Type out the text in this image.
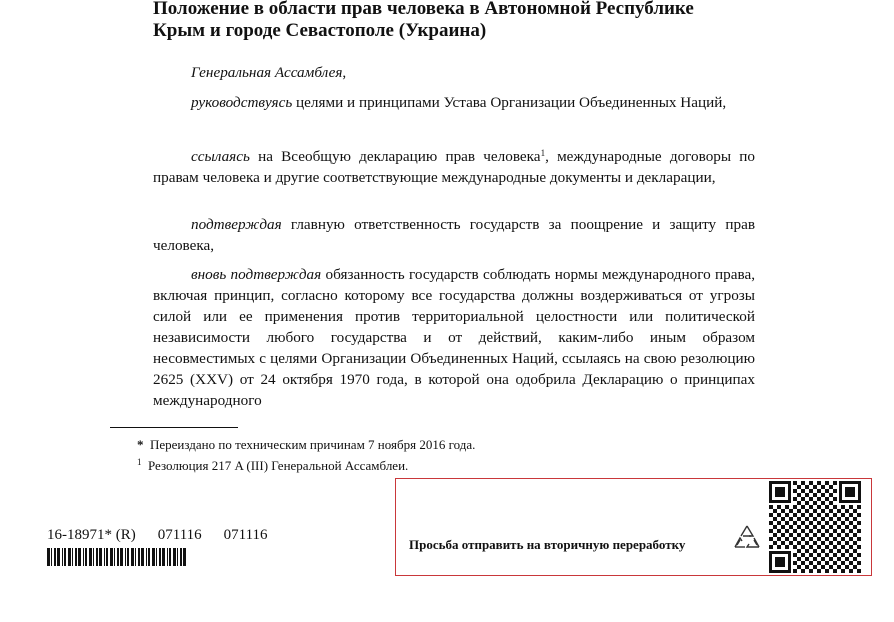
Положение в области прав человека в Автономной Республике
Крым и городе Севастополе (Украина)

Генеральная Ассамблея,

руководствуясь целями и принципами Устава Организации Объединенных Наций,

ссылаясь на Всеобщую декларацию прав человека$^1$, международные договоры по правам человека и другие соответствующие международные документы и декларации,

подтверждая главную ответственность государств за поощрение и защиту прав человека,

вновь подтверждая обязанность государств соблюдать нормы международного права, включая принцип, согласно которому все государства должны воздерживаться от угрозы силой или ее применения против территориальной целостности или политической независимости любого государства и от действий, каким-либо иным образом несовместимых с целями Организации Объединенных Наций, ссылаясь на свою резолюцию 2625 (XXV) от 24 октября 1970 года, в которой она одобрила Декларацию о принципах международного

* Переиздано по техническим причинам 7 ноября 2016 года.
$^1$ Резолюция 217 A (III) Генеральной Ассамблеи.
16-18971* (R) 071116 071116
Просьба отправить на вторичную переработку
